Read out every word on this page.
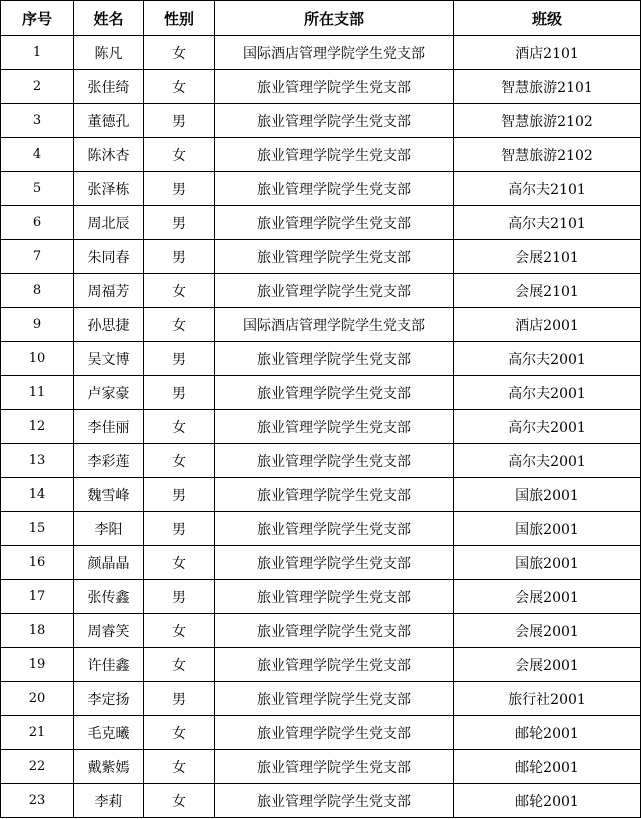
序号	姓名	性别	所在支部	班级
1	陈凡	女	国际酒店管理学院学生党支部	酒店2101
2	张佳绮	女	旅业管理学院学生党支部	智慧旅游2101
3	董德孔	男	旅业管理学院学生党支部	智慧旅游2102
4	陈沐杏	女	旅业管理学院学生党支部	智慧旅游2102
5	张泽栋	男	旅业管理学院学生党支部	高尔夫2101
6	周北辰	男	旅业管理学院学生党支部	高尔夫2101
7	朱同春	男	旅业管理学院学生党支部	会展2101
8	周福芳	女	旅业管理学院学生党支部	会展2101
9	孙思捷	女	国际酒店管理学院学生党支部	酒店2001
10	吴文博	男	旅业管理学院学生党支部	高尔夫2001
11	卢家豪	男	旅业管理学院学生党支部	高尔夫2001
12	李佳丽	女	旅业管理学院学生党支部	高尔夫2001
13	李彩莲	女	旅业管理学院学生党支部	高尔夫2001
14	魏雪峰	男	旅业管理学院学生党支部	国旅2001
15	李阳	男	旅业管理学院学生党支部	国旅2001
16	颜晶晶	女	旅业管理学院学生党支部	国旅2001
17	张传鑫	男	旅业管理学院学生党支部	会展2001
18	周睿笑	女	旅业管理学院学生党支部	会展2001
19	许佳鑫	女	旅业管理学院学生党支部	会展2001
20	李定扬	男	旅业管理学院学生党支部	旅行社2001
21	毛克曦	女	旅业管理学院学生党支部	邮轮2001
22	戴紫嫣	女	旅业管理学院学生党支部	邮轮2001
23	李莉	女	旅业管理学院学生党支部	邮轮2001
